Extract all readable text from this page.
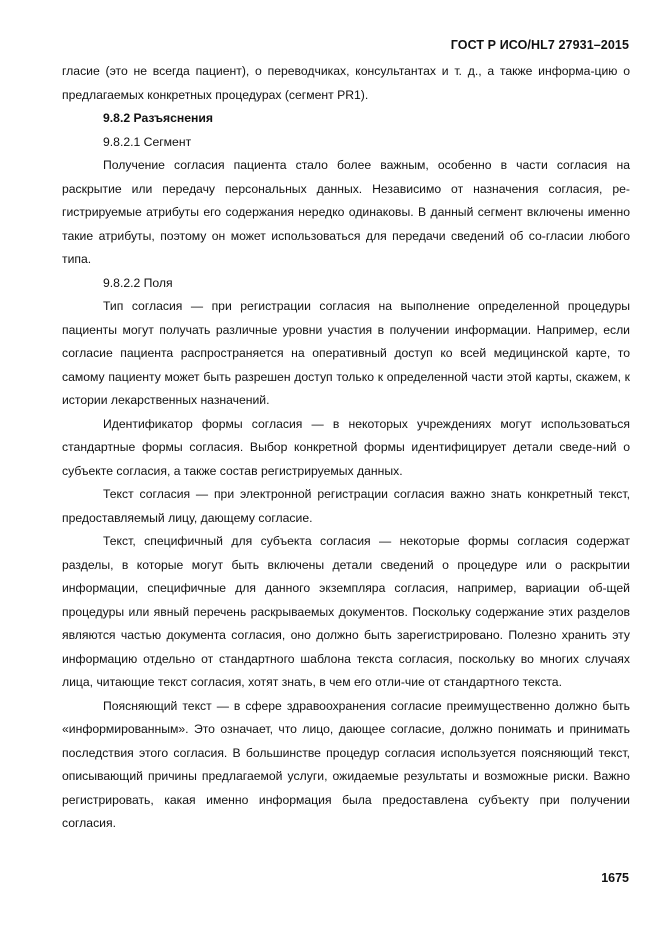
ГОСТ Р ИСО/HL7 27931–2015

гласие (это не всегда пациент), о переводчиках, консультантах и т. д., а также информа-цию о предлагаемых конкретных процедурах (сегмент PR1).

9.8.2 Разъяснения

9.8.2.1 Сегмент

Получение согласия пациента стало более важным, особенно в части согласия на раскрытие или передачу персональных данных. Независимо от назначения согласия, ре-гистрируемые атрибуты его содержания нередко одинаковы. В данный сегмент включены именно такие атрибуты, поэтому он может использоваться для передачи сведений об со-гласии любого типа.

9.8.2.2 Поля

Тип согласия — при регистрации согласия на выполнение определенной процедуры пациенты могут получать различные уровни участия в получении информации. Например, если согласие пациента распространяется на оперативный доступ ко всей медицинской карте, то самому пациенту может быть разрешен доступ только к определенной части этой карты, скажем, к истории лекарственных назначений.

Идентификатор формы согласия — в некоторых учреждениях могут использоваться стандартные формы согласия. Выбор конкретной формы идентифицирует детали сведе-ний о субъекте согласия, а также состав регистрируемых данных.

Текст согласия — при электронной регистрации согласия важно знать конкретный текст, предоставляемый лицу, дающему согласие.

Текст, специфичный для субъекта согласия — некоторые формы согласия содержат разделы, в которые могут быть включены детали сведений о процедуре или о раскрытии информации, специфичные для данного экземпляра согласия, например, вариации об-щей процедуры или явный перечень раскрываемых документов. Поскольку содержание этих разделов являются частью документа согласия, оно должно быть зарегистрировано. Полезно хранить эту информацию отдельно от стандартного шаблона текста согласия, поскольку во многих случаях лица, читающие текст согласия, хотят знать, в чем его отли-чие от стандартного текста.

Поясняющий текст — в сфере здравоохранения согласие преимущественно должно быть «информированным». Это означает, что лицо, дающее согласие, должно понимать и принимать последствия этого согласия. В большинстве процедур согласия используется поясняющий текст, описывающий причины предлагаемой услуги, ожидаемые результаты и возможные риски. Важно регистрировать, какая именно информация была предоставлена субъекту при получении согласия.

1675
